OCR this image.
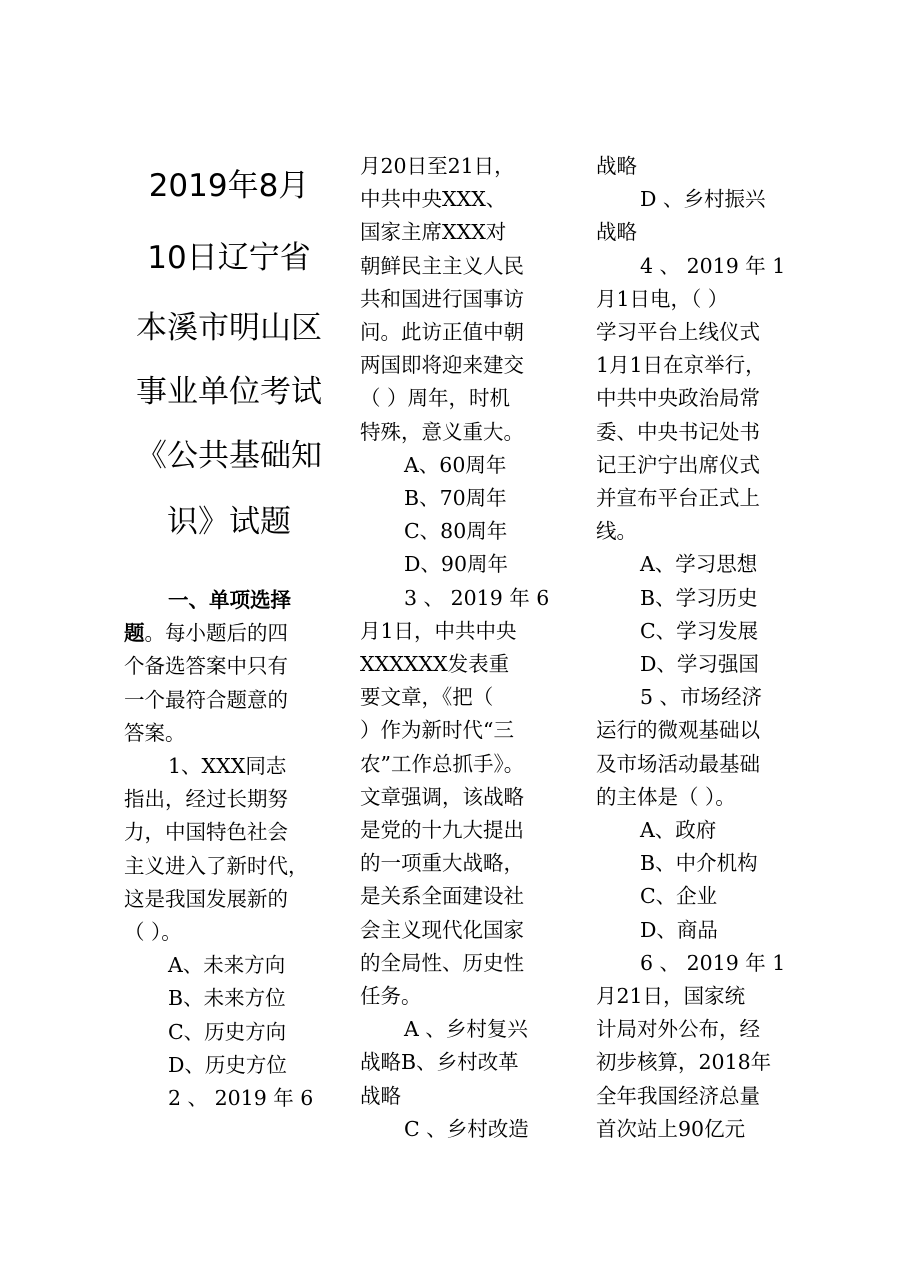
2019年8月
10日辽宁省
本溪市明山区
事业单位考试
《公共基础知
识》试题
一、单项选择
题。每小题后的四
个备选答案中只有
一个最符合题意的
答案。
1、XXX同志
指出，经过长期努
力，中国特色社会
主义进入了新时代，
这是我国发展新的
（ ）。
A、未来方向
B、未来方位
C、历史方向
D、历史方位
2 、 2019 年 6
月20日至21日，
中共中央XXX、
国家主席XXX对
朝鲜民主主义人民
共和国进行国事访
问。此访正值中朝
两国即将迎来建交
（ ）周年，时机
特殊，意义重大。
A、60周年
B、70周年
C、80周年
D、90周年
3 、 2019 年 6
月1日，中共中央
XXXXXX发表重
要文章，《把（
）作为新时代“三
农”工作总抓手》。
文章强调，该战略
是党的十九大提出
的一项重大战略，
是关系全面建设社
会主义现代化国家
的全局性、历史性
任务。
A 、乡村复兴
战略B、乡村改革
战略
C 、乡村改造
战略
D 、乡村振兴
战略
4 、 2019 年 1
月1日电，（ ）
学习平台上线仪式
1月1日在京举行，
中共中央政治局常
委、中央书记处书
记王沪宁出席仪式
并宣布平台正式上
线。
A、学习思想
B、学习历史
C、学习发展
D、学习强国
5 、市场经济
运行的微观基础以
及市场活动最基础
的主体是（ ）。
A、政府
B、中介机构
C、企业
D、商品
6 、 2019 年 1
月21日，国家统
计局对外公布，经
初步核算，2018年
全年我国经济总量
首次站上90亿元
